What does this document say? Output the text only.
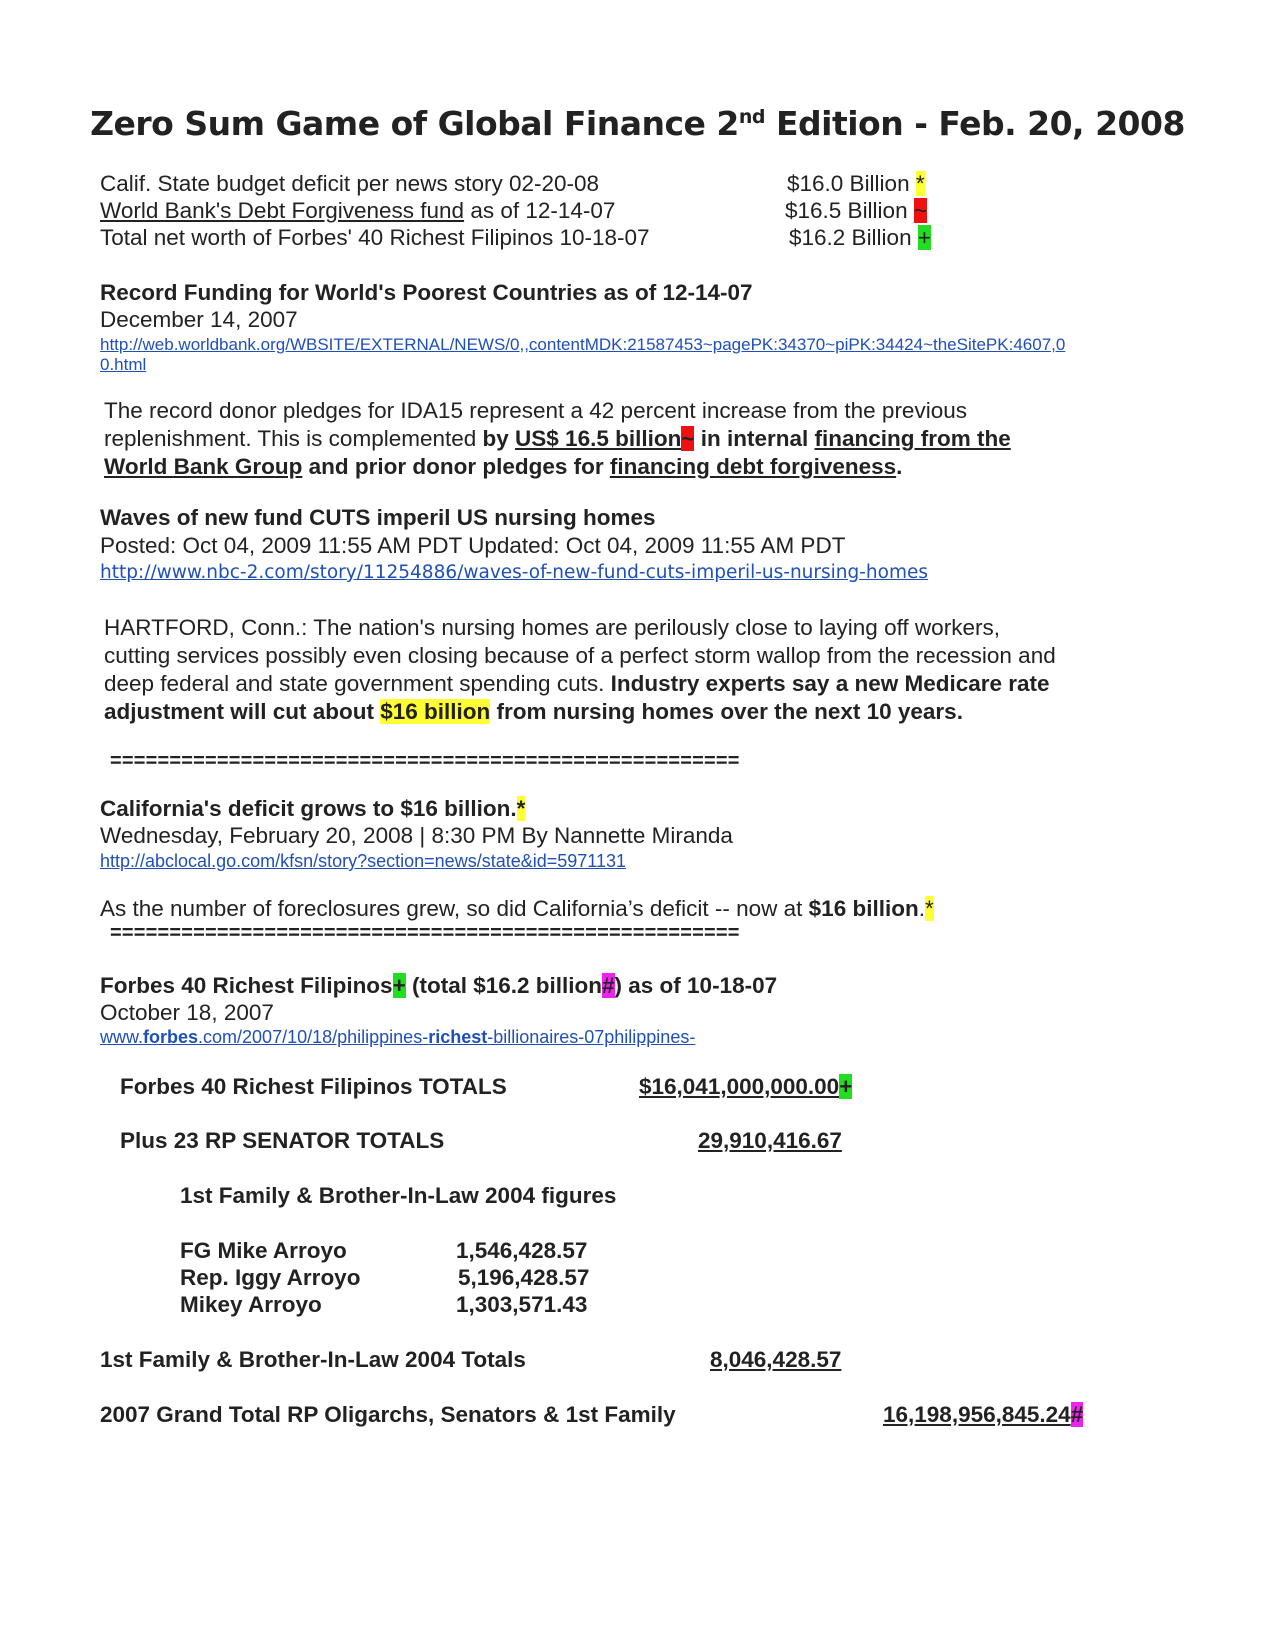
Zero Sum Game of Global Finance 2nd Edition - Feb. 20, 2008
Calif. State budget deficit per news story 02-20-08	$16.0 Billion *
World Bank's Debt Forgiveness fund as of 12-14-07	$16.5 Billion ~
Total net worth of Forbes' 40 Richest Filipinos 10-18-07	$16.2 Billion +
Record Funding for World's Poorest Countries as of 12-14-07
December 14, 2007
http://web.worldbank.org/WBSITE/EXTERNAL/NEWS/0,,contentMDK:21587453~pagePK:34370~piPK:34424~theSitePK:4607,0
0.html
The record donor pledges for IDA15 represent a 42 percent increase from the previous
replenishment. This is complemented by US$ 16.5 billion~ in internal financing from the
World Bank Group and prior donor pledges for financing debt forgiveness.
Waves of new fund CUTS imperil US nursing homes
Posted: Oct 04, 2009 11:55 AM PDT Updated: Oct 04, 2009 11:55 AM PDT
http://www.nbc-2.com/story/11254886/waves-of-new-fund-cuts-imperil-us-nursing-homes
HARTFORD, Conn.: The nation's nursing homes are perilously close to laying off workers,
cutting services possibly even closing because of a perfect storm wallop from the recession and
deep federal and state government spending cuts. Industry experts say a new Medicare rate
adjustment will cut about $16 billion from nursing homes over the next 10 years.
=====================================================
California's deficit grows to $16 billion.*
Wednesday, February 20, 2008 | 8:30 PM By Nannette Miranda
http://abclocal.go.com/kfsn/story?section=news/state&id=5971131
As the number of foreclosures grew, so did California’s deficit -- now at $16 billion.*
=====================================================
Forbes 40 Richest Filipinos+ (total $16.2 billion#) as of 10-18-07
October 18, 2007
www.forbes.com/2007/10/18/philippines-richest-billionaires-07philippines-
Forbes 40 Richest Filipinos TOTALS	$16,041,000,000.00+
Plus 23 RP SENATOR TOTALS	29,910,416.67
1st Family & Brother-In-Law 2004 figures
FG Mike Arroyo	1,546,428.57
Rep. Iggy Arroyo	5,196,428.57
Mikey Arroyo	1,303,571.43
1st Family & Brother-In-Law 2004 Totals	8,046,428.57
2007 Grand Total RP Oligarchs, Senators & 1st Family	16,198,956,845.24#
